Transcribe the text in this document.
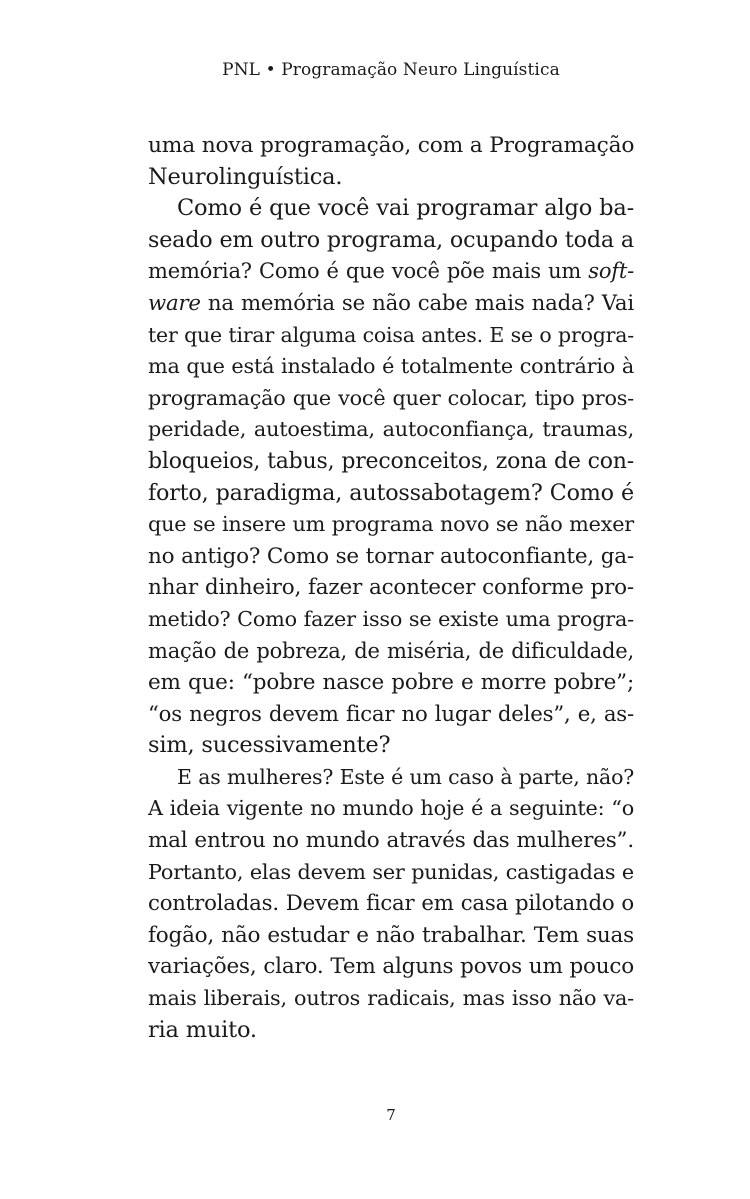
PNL • Programação Neuro Linguística
uma nova programação, com a Programação
Neurolinguística.
Como é que você vai programar algo ba-
seado em outro programa, ocupando toda a
memória? Como é que você põe mais um soft-
ware na memória se não cabe mais nada? Vai
ter que tirar alguma coisa antes. E se o progra-
ma que está instalado é totalmente contrário à
programação que você quer colocar, tipo pros-
peridade, autoestima, autoconfiança, traumas,
bloqueios, tabus, preconceitos, zona de con-
forto, paradigma, autossabotagem? Como é
que se insere um programa novo se não mexer
no antigo? Como se tornar autoconfiante, ga-
nhar dinheiro, fazer acontecer conforme pro-
metido? Como fazer isso se existe uma progra-
mação de pobreza, de miséria, de dificuldade,
em que: “pobre nasce pobre e morre pobre”;
“os negros devem ficar no lugar deles”, e, as-
sim, sucessivamente?
E as mulheres? Este é um caso à parte, não?
A ideia vigente no mundo hoje é a seguinte: “o
mal entrou no mundo através das mulheres”.
Portanto, elas devem ser punidas, castigadas e
controladas. Devem ficar em casa pilotando o
fogão, não estudar e não trabalhar. Tem suas
variações, claro. Tem alguns povos um pouco
mais liberais, outros radicais, mas isso não va-
ria muito.
7
